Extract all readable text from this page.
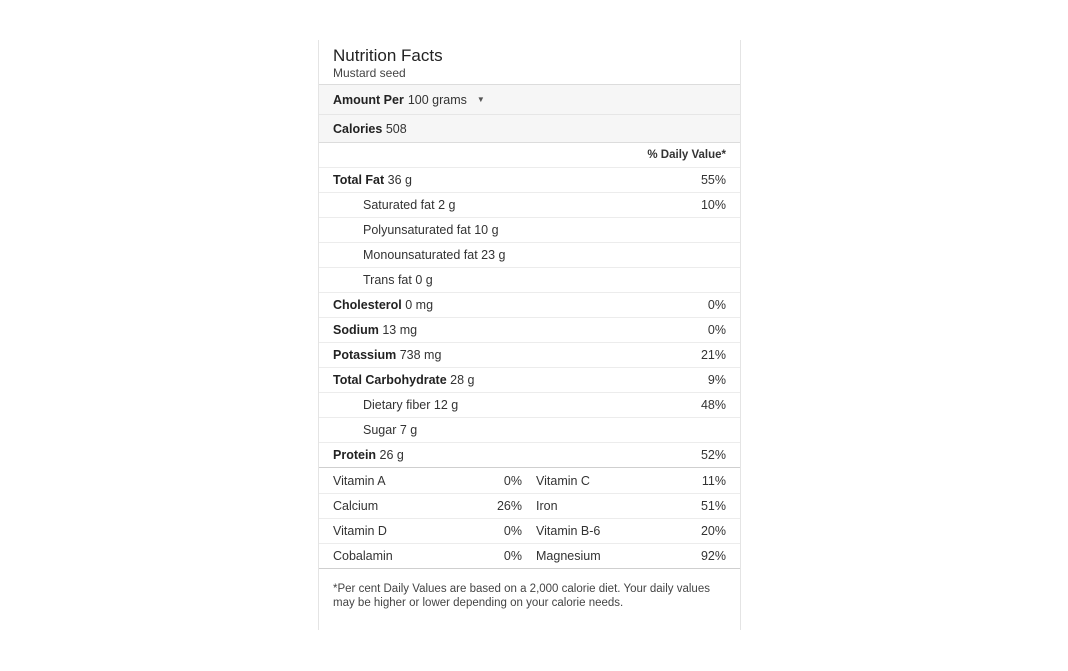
Nutrition Facts
Mustard seed
Amount Per 100 grams ▼
Calories 508
% Daily Value*
Total Fat 36 g	55%
Saturated fat 2 g	10%
Polyunsaturated fat 10 g
Monounsaturated fat 23 g
Trans fat 0 g
Cholesterol 0 mg	0%
Sodium 13 mg	0%
Potassium 738 mg	21%
Total Carbohydrate 28 g	9%
Dietary fiber 12 g	48%
Sugar 7 g
Protein 26 g	52%
Vitamin A	0% Vitamin C	11%
Calcium	26% Iron	51%
Vitamin D	0% Vitamin B-6	20%
Cobalamin	0% Magnesium	92%
*Per cent Daily Values are based on a 2,000 calorie diet. Your daily values may be higher or lower depending on your calorie needs.
